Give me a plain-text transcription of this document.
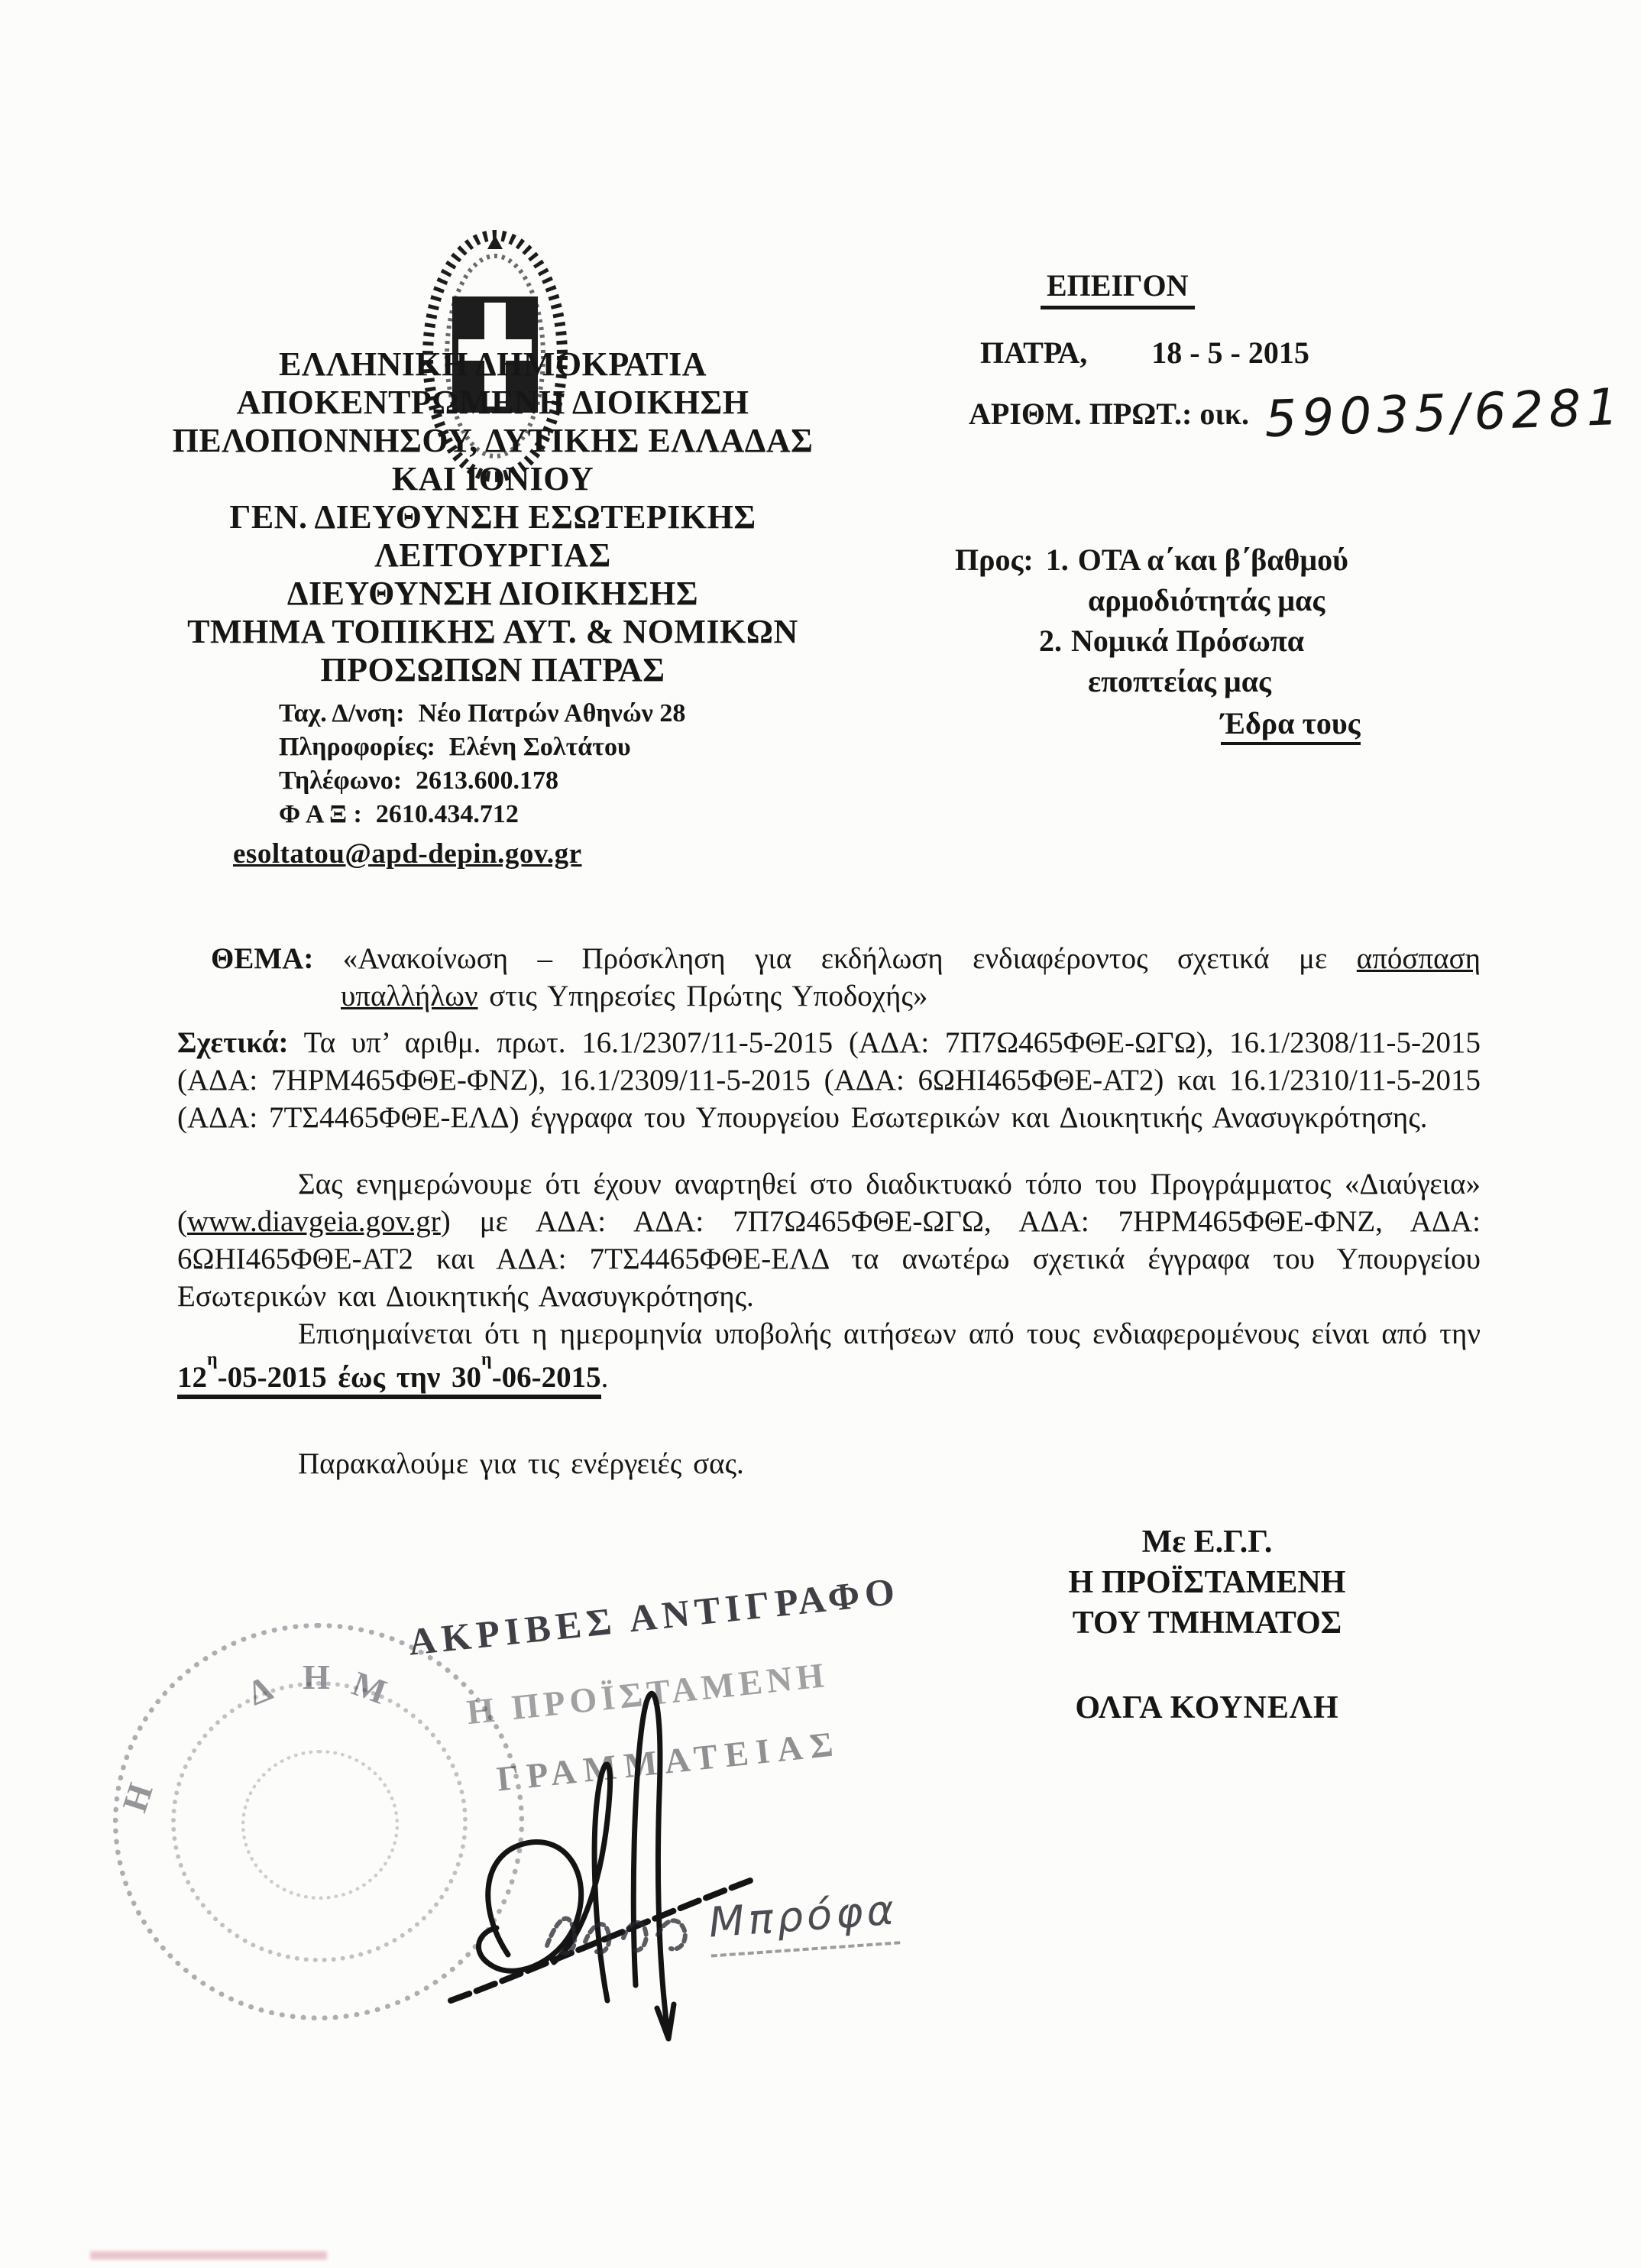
ΕΛΛΗΝΙΚΗ ΔΗΜΟΚΡΑΤΙΑ
ΑΠΟΚΕΝΤΡΩΜΕΝΗ ΔΙΟΙΚΗΣΗ
ΠΕΛΟΠΟΝΝΗΣΟΥ, ΔΥΤΙΚΗΣ ΕΛΛΑΔΑΣ
ΚΑΙ ΙΟΝΙΟΥ
ΓΕΝ. ΔΙΕΥΘΥΝΣΗ ΕΣΩΤΕΡΙΚΗΣ
ΛΕΙΤΟΥΡΓΙΑΣ
ΔΙΕΥΘΥΝΣΗ ΔΙΟΙΚΗΣΗΣ
ΤΜΗΜΑ ΤΟΠΙΚΗΣ ΑΥΤ. & ΝΟΜΙΚΩΝ
ΠΡΟΣΩΠΩΝ ΠΑΤΡΑΣ
Ταχ. Δ/νση: Νέο Πατρών Αθηνών 28
Πληροφορίες: Ελένη Σολτάτου
Τηλέφωνο: 2613.600.178
Φ Α Ξ : 2610.434.712
esoltatou@apd-depin.gov.gr
ΕΠΕΙΓΟΝ
ΠΑΤΡΑ, 18 - 5 - 2015
ΑΡΙΘΜ. ΠΡΩΤ.: οικ. 59035/6281
Προς: 1. ΟΤΑ α΄και β΄βαθμού
αρμοδιότητάς μας
2. Νομικά Πρόσωπα
εποπτείας μας
Έδρα τους

ΘΕΜΑ: «Ανακοίνωση – Πρόσκληση για εκδήλωση ενδιαφέροντος σχετικά με απόσπαση

υπαλλήλων στις Υπηρεσίες Πρώτης Υποδοχής»

Σχετικά: Τα υπ’ αριθμ. πρωτ. 16.1/2307/11-5-2015 (ΑΔΑ: 7Π7Ω465ΦΘΕ-ΩΓΩ), 16.1/2308/11-5-2015 (ΑΔΑ: 7ΗΡΜ465ΦΘΕ-ΦΝΖ), 16.1/2309/11-5-2015 (ΑΔΑ: 6ΩΗΙ465ΦΘΕ-ΑΤ2) και 16.1/2310/11-5-2015 (ΑΔΑ: 7ΤΣ4465ΦΘΕ-ΕΛΔ) έγγραφα του Υπουργείου Εσωτερικών και Διοικητικής Ανασυγκρότησης.

Σας ενημερώνουμε ότι έχουν αναρτηθεί στο διαδικτυακό τόπο του Προγράμματος «Διαύγεια» (www.diavgeia.gov.gr) με ΑΔΑ: ΑΔΑ: 7Π7Ω465ΦΘΕ-ΩΓΩ, ΑΔΑ: 7ΗΡΜ465ΦΘΕ-ΦΝΖ, ΑΔΑ: 6ΩΗΙ465ΦΘΕ-ΑΤ2 και ΑΔΑ: 7ΤΣ4465ΦΘΕ-ΕΛΔ τα ανωτέρω σχετικά έγγραφα του Υπουργείου Εσωτερικών και Διοικητικής Ανασυγκρότησης.

Επισημαίνεται ότι η ημερομηνία υποβολής αιτήσεων από τους ενδιαφερομένους είναι από την $12^\eta-05-2015$ έως την $30^\eta-06-2015$.

Παρακαλούμε για τις ενέργειές σας.

Με Ε.Γ.Γ.
Η ΠΡΟΪΣΤΑΜΕΝΗ
ΤΟΥ ΤΜΗΜΑΤΟΣ
ΟΛΓΑ ΚΟΥΝΕΛΗ
Δ Η Μ
Η
ΑΚΡΙΒΕΣ ΑΝΤΙΓΡΑΦΟ
Η ΠΡΟΪΣΤΑΜΕΝΗ
ΓΡΑΜΜΑΤΕΙΑΣ
Μπρόφα
